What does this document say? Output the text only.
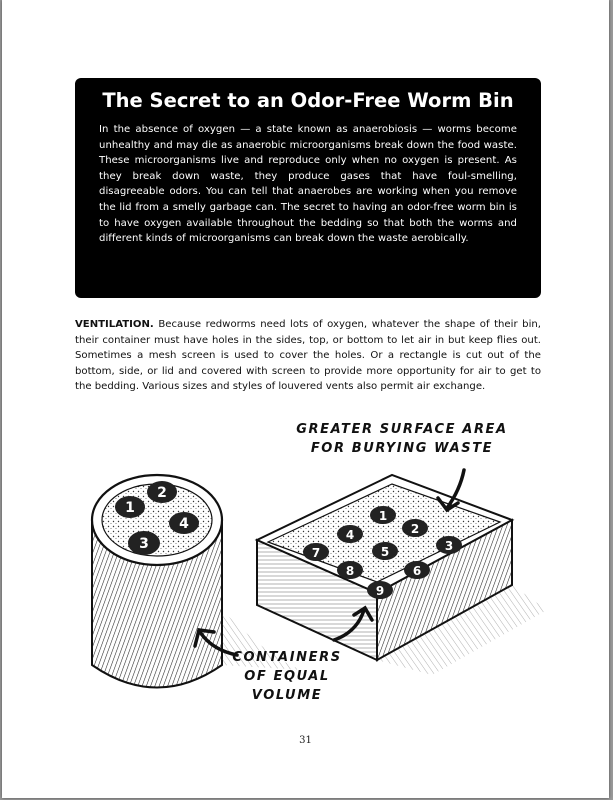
The Secret to an Odor-Free Worm Bin

In the absence of oxygen — a state known as anaerobiosis — worms become unhealthy and may die as anaerobic microorganisms break down the food waste. These microorganisms live and reproduce only when no oxygen is present. As they break down waste, they produce gases that have foul-smelling, disagreeable odors. You can tell that anaerobes are working when you remove the lid from a smelly garbage can. The secret to having an odor-free worm bin is to have oxygen available throughout the bedding so that both the worms and different kinds of microorganisms can break down the waste aerobically.

VENTILATION. Because redworms need lots of oxygen, whatever the shape of their bin, their container must have holes in the sides, top, or bottom to let air in but keep flies out. Sometimes a mesh screen is used to cover the holes. Or a rectangle is cut out of the bottom, side, or lid and covered with screen to provide more opportunity for air to get to the bedding. Various sizes and styles of louvered vents also permit air exchange.

1
2
3
4	1
2
3
4
5
6
7
8
9
GREATER SURFACE AREA
FOR BURYING WASTE
CONTAINERS
OF EQUAL
VOLUME
31
